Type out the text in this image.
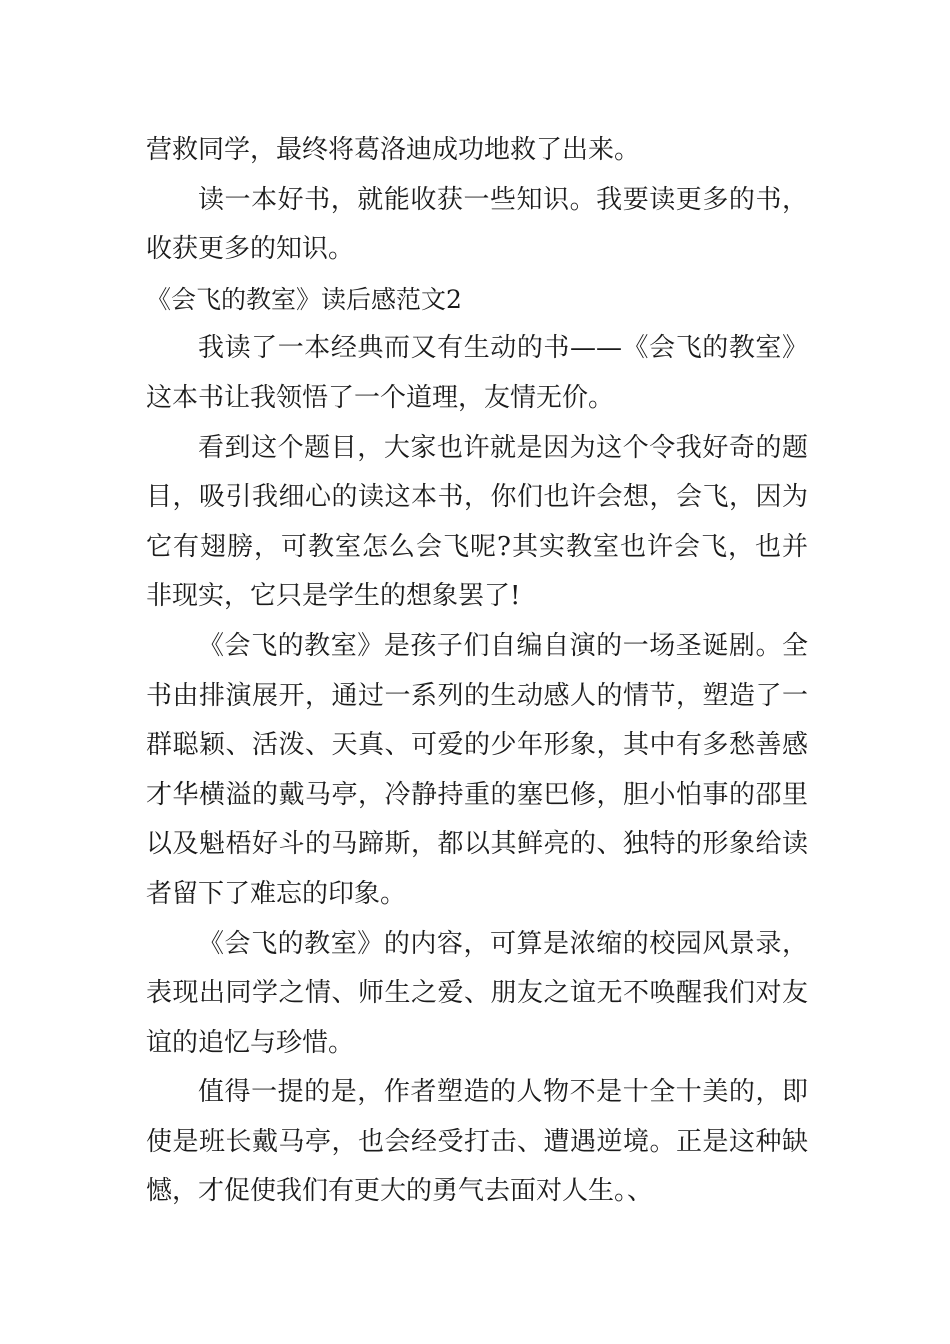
营救同学，最终将葛洛迪成功地救了出来。

读一本好书，就能收获一些知识。我要读更多的书，收获更多的知识。

《会飞的教室》读后感范文2

我读了一本经典而又有生动的书——《会飞的教室》这本书让我领悟了一个道理，友情无价。

看到这个题目，大家也许就是因为这个令我好奇的题目，吸引我细心的读这本书，你们也许会想，会飞，因为它有翅膀，可教室怎么会飞呢?其实教室也许会飞，也并非现实，它只是学生的想象罢了!

《会飞的教室》是孩子们自编自演的一场圣诞剧。全书由排演展开，通过一系列的生动感人的情节，塑造了一群聪颖、活泼、天真、可爱的少年形象，其中有多愁善感才华横溢的戴马亭，冷静持重的塞巴修，胆小怕事的邵里以及魁梧好斗的马蹄斯，都以其鲜亮的、独特的形象给读者留下了难忘的印象。

《会飞的教室》的内容，可算是浓缩的校园风景录，表现出同学之情、师生之爱、朋友之谊无不唤醒我们对友谊的追忆与珍惜。

值得一提的是，作者塑造的人物不是十全十美的，即使是班长戴马亭，也会经受打击、遭遇逆境。正是这种缺憾，才促使我们有更大的勇气去面对人生。、
